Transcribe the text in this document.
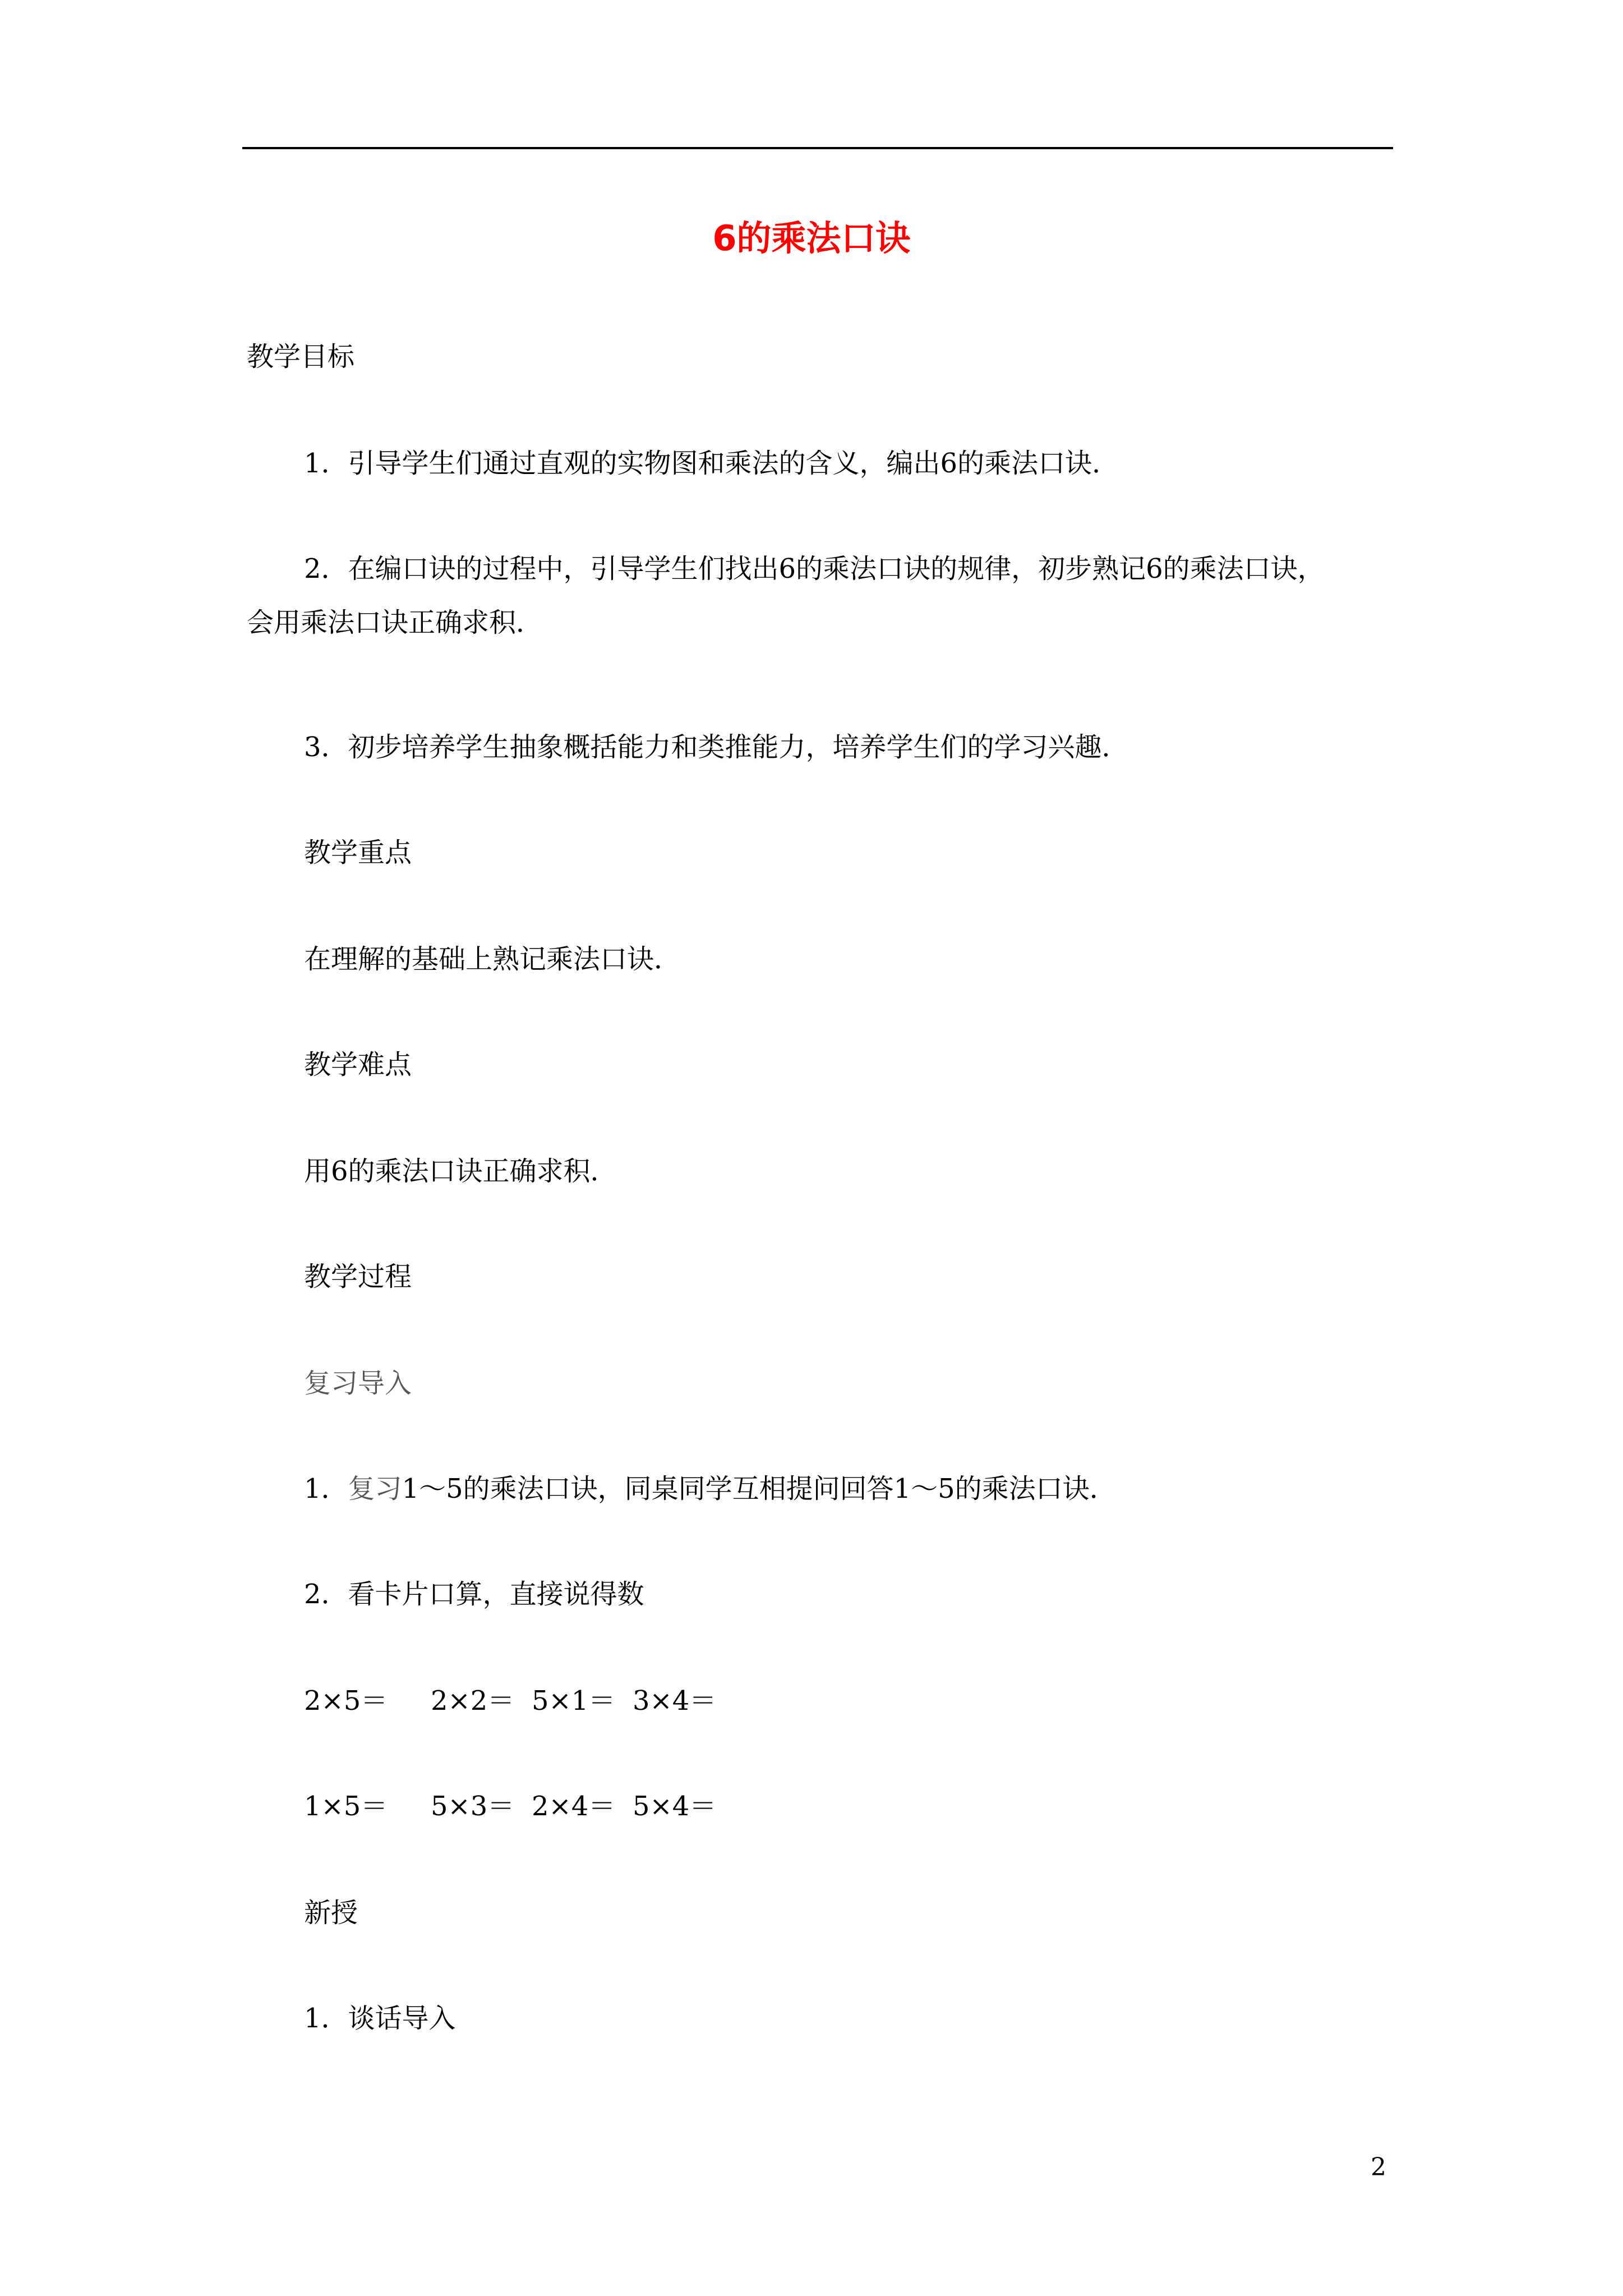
6的乘法口诀
教学目标
1．引导学生们通过直观的实物图和乘法的含义，编出6的乘法口诀．
2．在编口诀的过程中，引导学生们找出6的乘法口诀的规律，初步熟记6的乘法口诀，
会用乘法口诀正确求积．
3．初步培养学生抽象概括能力和类推能力，培养学生们的学习兴趣．
教学重点
在理解的基础上熟记乘法口诀．
教学难点
用6的乘法口诀正确求积．
教学过程
复习导入
1．复习1～5的乘法口诀，同桌同学互相提问回答1～5的乘法口诀．
2．看卡片口算，直接说得数
2×5＝ 2×2＝ 5×1＝ 3×4＝
1×5＝ 5×3＝ 2×4＝ 5×4＝
新授
1．谈话导入
2
